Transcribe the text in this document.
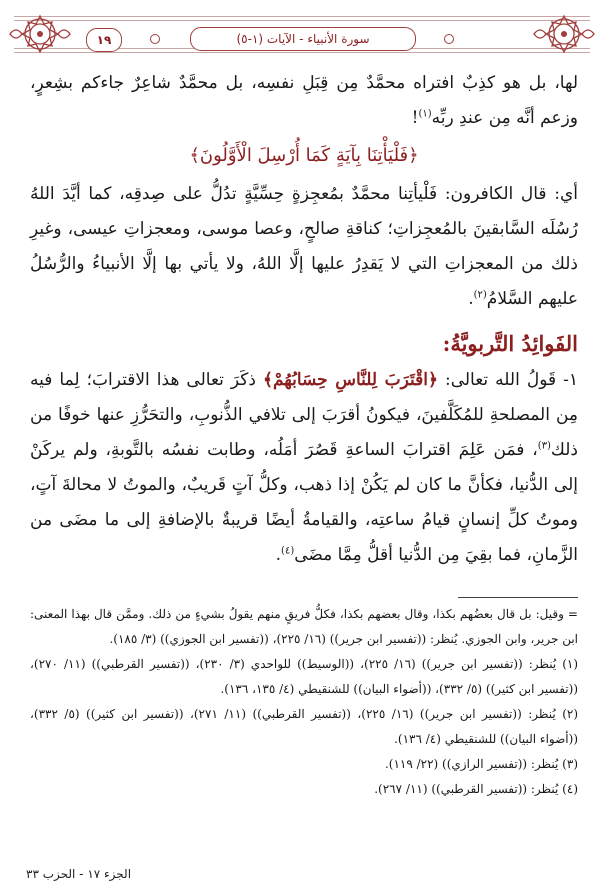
١٩	سورة الأنبياء - الآيات (١-٥)

لها، بل هو كذِبٌ افتراه محمَّدٌ مِن قِبَلِ نفسِه، بل محمَّدٌ شاعِرٌ جاءكم بشِعرٍ، وزعم أنَّه مِن عندِ ربِّه$^{(١)}$!

﴿فَلْيَأْتِنَا بِآيَةٍ كَمَا أُرْسِلَ الْأَوَّلُونَ﴾

أي: قال الكافرون: فَلْيأتِنا محمَّدٌ بمُعجِزةٍ حِسِّيَّةٍ تدُلُّ على صِدقِه، كما أيَّدَ اللهُ رُسُلَه السَّابقينَ بالمُعجِزاتِ؛ كناقةِ صالحٍ، وعصا موسى، ومعجزاتِ عيسى، وغيرِ ذلك من المعجزاتِ التي لا يَقدِرُ عليها إلَّا اللهُ، ولا يأتي بها إلَّا الأنبياءُ والرُّسُلُ عليهم السَّلامُ$^{(٢)}$.

الفَوائِدُ التَّربويَّةُ:

١- قَولُ الله تعالى: ﴿اقْتَرَبَ لِلنَّاسِ حِسَابُهُمْ﴾ ذكَرَ تعالى هذا الاقترابَ؛ لِما فيه مِن المصلحةِ للمُكَلَّفينَ، فيكونُ أقرَبَ إلى تلافي الذُّنوبِ، والتحَرُّزِ عنها خوفًا من ذلك$^{(٣)}$، فمَن عَلِمَ اقترابَ الساعةِ قَصُرَ أمَلُه، وطابت نفسُه بالتَّوبةِ، ولم يركَنْ إلى الدُّنيا، فكأنَّ ما كان لم يَكُنْ إذا ذهب، وكلُّ آتٍ قَريبٌ، والموتُ لا محالةَ آتٍ، وموتُ كلِّ إنسانٍ قيامُ ساعتِه، والقيامةُ أيضًا قريبةٌ بالإضافةِ إلى ما مضَى من الزَّمانِ، فما بقِيَ مِن الدُّنيا أقلُّ مِمَّا مضَى$^{(٤)}$.

= وقيل: بل قال بعضُهم بكذا، وقال بعضهم بكذا، فكلُّ فريقٍ منهم يقولُ بشيءٍ من ذلك. وممَّن قال بهذا المعنى: ابن جرير، وابن الجوزي. يُنظر: ((تفسير ابن جرير)) (١٦/ ٢٢٥)، ((تفسير ابن الجوزي)) (٣/ ١٨٥).

(١) يُنظر: ((تفسير ابن جرير)) (١٦/ ٢٢٥)، ((الوسيط)) للواحدي (٣/ ٢٣٠)، ((تفسير القرطبي)) (١١/ ٢٧٠)، ((تفسير ابن كثير)) (٥/ ٣٣٢)، ((أضواء البيان)) للشنقيطي (٤/ ١٣٥، ١٣٦).

(٢) يُنظر: ((تفسير ابن جرير)) (١٦/ ٢٢٥)، ((تفسير القرطبي)) (١١/ ٢٧١)، ((تفسير ابن كثير)) (٥/ ٣٣٢)، ((أضواء البيان)) للشنقيطي (٤/ ١٣٦).

(٣) يُنظر: ((تفسير الرازي)) (٢٢/ ١١٩).

(٤) يُنظر: ((تفسير القرطبي)) (١١/ ٢٦٧).

الجزء ١٧ - الحزب ٣٣
